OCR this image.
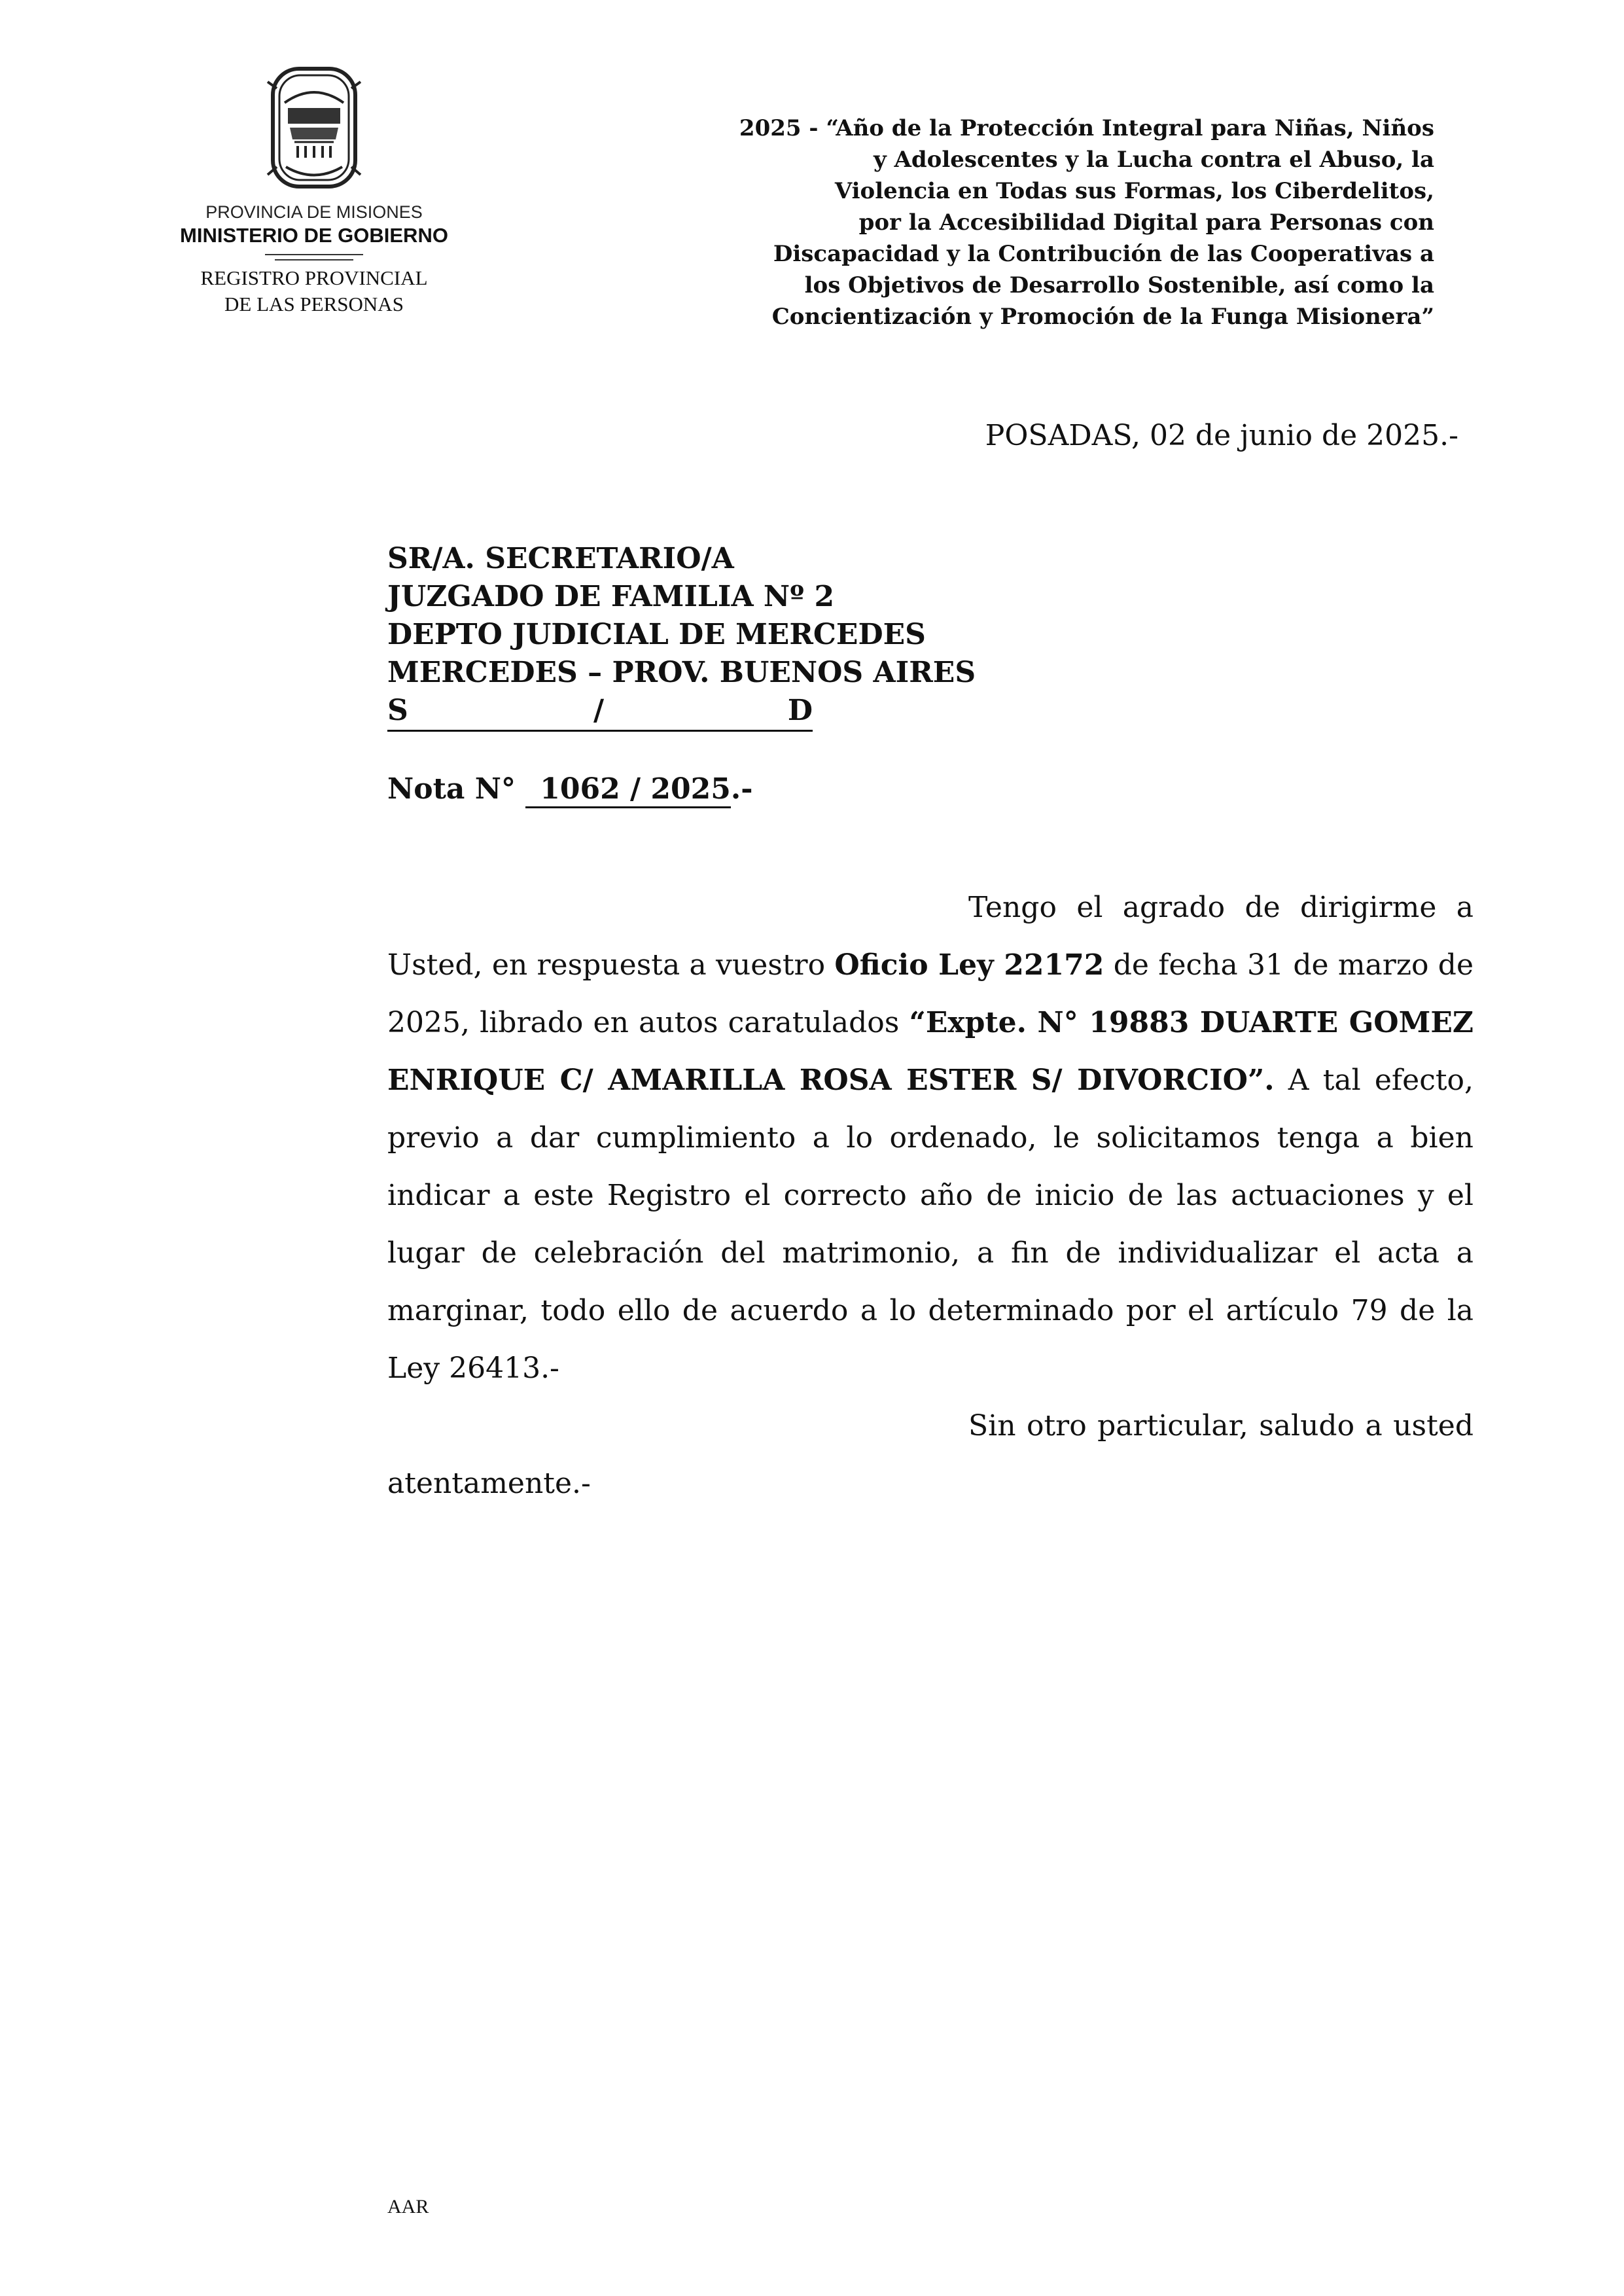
PROVINCIA DE MISIONES
MINISTERIO DE GOBIERNO
REGISTRO PROVINCIAL
DE LAS PERSONAS
2025 - “Año de la Protección Integral para Niñas, Niños
y Adolescentes y la Lucha contra el Abuso, la
Violencia en Todas sus Formas, los Ciberdelitos,
por la Accesibilidad Digital para Personas con
Discapacidad y la Contribución de las Cooperativas a
los Objetivos de Desarrollo Sostenible, así como la
Concientización y Promoción de la Funga Misionera”
POSADAS, 02 de junio de 2025.-
SR/A. SECRETARIO/A
JUZGADO DE FAMILIA Nº 2
DEPTO JUDICIAL DE MERCEDES
MERCEDES – PROV. BUENOS AIRES
S	/	D
Nota N° 1062 / 2025.-

Tengo el agrado de dirigirme a Usted, en respuesta a vuestro Oficio Ley 22172 de fecha 31 de marzo de 2025, librado en autos caratulados “Expte. N° 19883 DUARTE GOMEZ ENRIQUE C/ AMARILLA ROSA ESTER S/ DIVORCIO”. A tal efecto, previo a dar cumplimiento a lo ordenado, le solicitamos tenga a bien indicar a este Registro el correcto año de inicio de las actuaciones y el lugar de celebración del matrimonio, a fin de individualizar el acta a marginar, todo ello de acuerdo a lo determinado por el artículo 79 de la Ley 26413.-

Sin otro particular, saludo a usted atentamente.-

AAR
